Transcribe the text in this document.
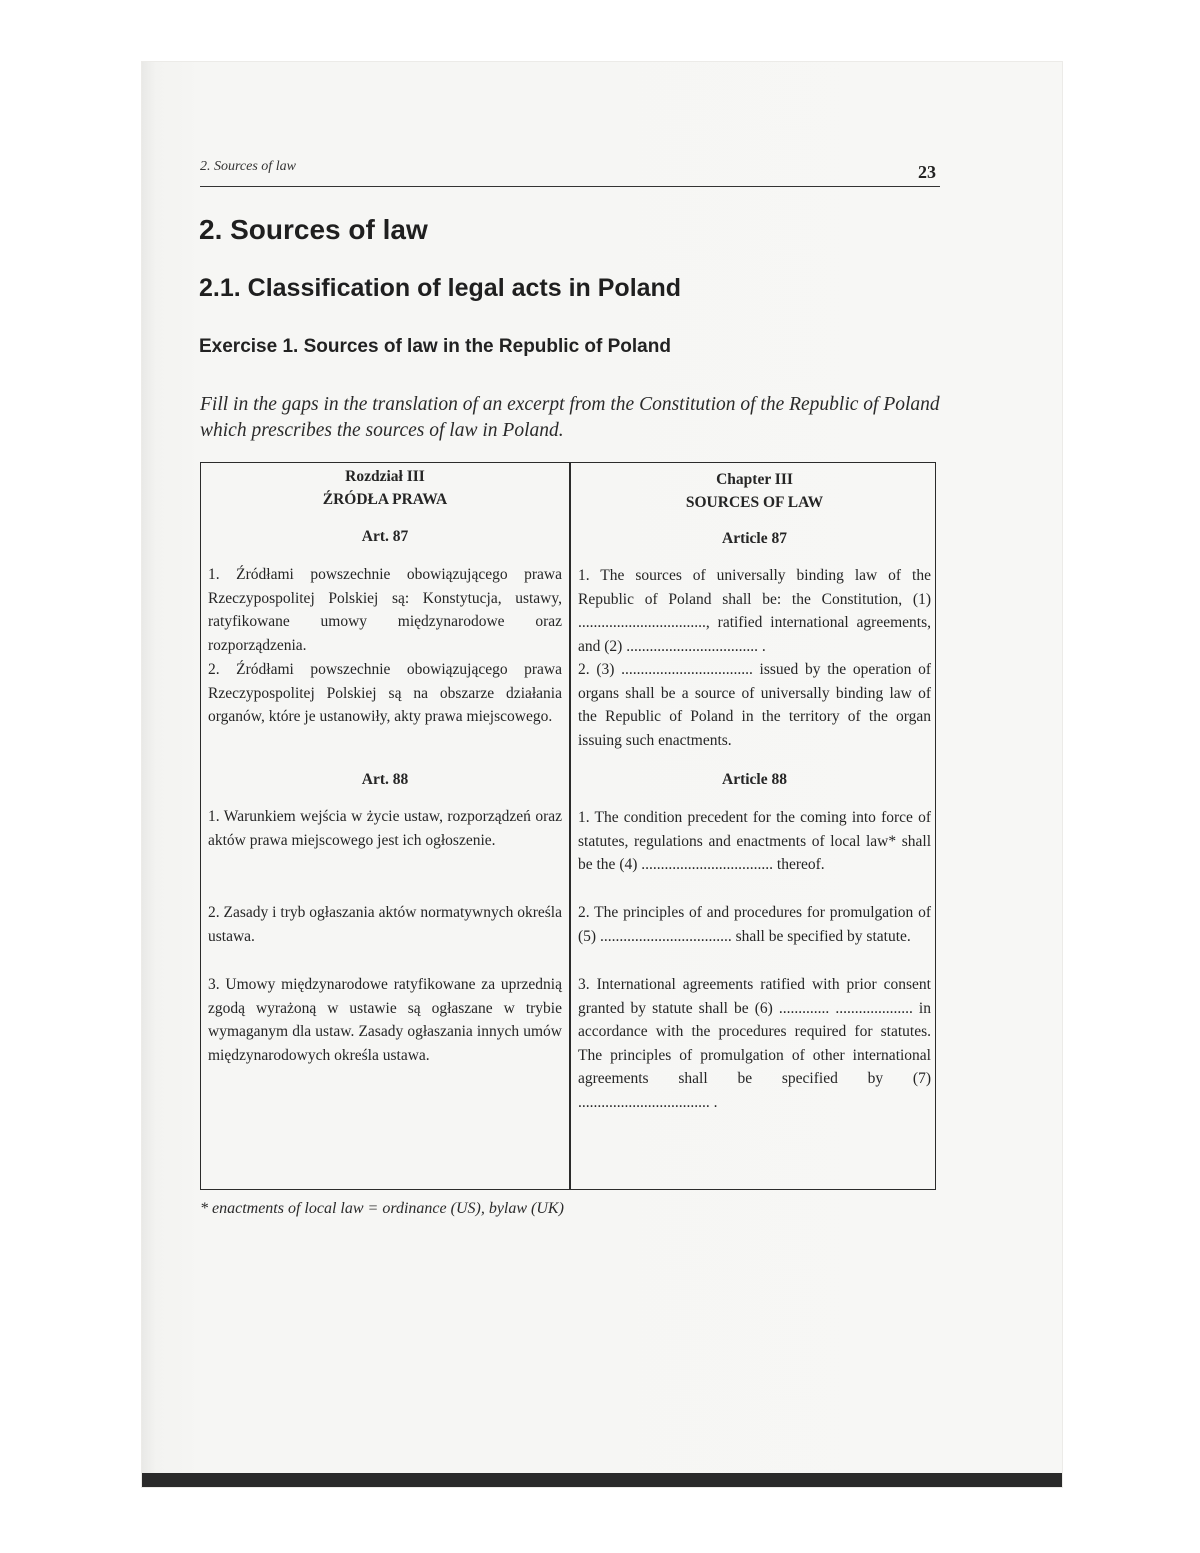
2. Sources of law	23
2. Sources of law
2.1. Classification of legal acts in Poland
Exercise 1. Sources of law in the Republic of Poland
Fill in the gaps in the translation of an excerpt from the Constitution of the Republic of Poland which prescribes the sources of law in Poland.
Rozdział III
ŹRÓDŁA PRAWA
Art. 87
1. Źródłami powszechnie obowiązującego prawa Rzeczypospolitej Polskiej są: Konstytucja, ustawy, ratyfikowane umowy międzynarodowe oraz rozporządzenia.
2. Źródłami powszechnie obowiązującego prawa Rzeczypospolitej Polskiej są na obszarze działania organów, które je ustanowiły, akty prawa miejscowego.
Art. 88
1. Warunkiem wejścia w życie ustaw, rozporządzeń oraz aktów prawa miejscowego jest ich ogłoszenie.
2. Zasady i tryb ogłaszania aktów normatywnych określa ustawa.
3. Umowy międzynarodowe ratyfikowane za uprzednią zgodą wyrażoną w ustawie są ogłaszane w trybie wymaganym dla ustaw. Zasady ogłaszania innych umów międzynarodowych określa ustawa.
Chapter III
SOURCES OF LAW
Article 87
1. The sources of universally binding law of the Republic of Poland shall be: the Constitution, (1) ................................., ratified international agreements, and (2) .................................. .
2. (3) .................................. issued by the operation of organs shall be a source of universally binding law of the Republic of Poland in the territory of the organ issuing such enactments.
Article 88
1. The condition precedent for the coming into force of statutes, regulations and enactments of local law* shall be the (4) .................................. thereof.
2. The principles of and procedures for promulgation of (5) .................................. shall be specified by statute.
3. International agreements ratified with prior consent granted by statute shall be (6) ............. .................... in accordance with the procedures required for statutes. The principles of promulgation of other international agreements shall be specified by (7) .................................. .
* enactments of local law = ordinance (US), bylaw (UK)
